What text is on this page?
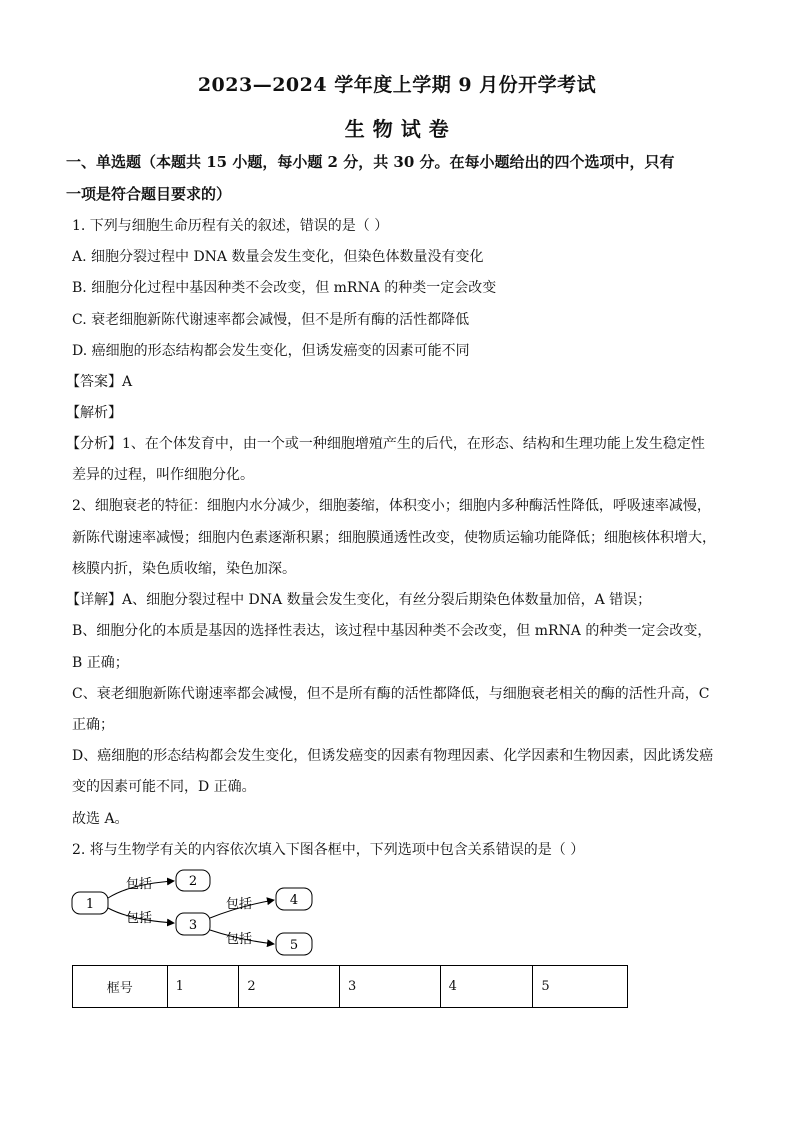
2023—2024 学年度上学期 9 月份开学考试
生 物 试 卷
一、单选题（本题共 15 小题，每小题 2 分，共 30 分。在每小题给出的四个选项中，只有
一项是符合题目要求的）
1. 下列与细胞生命历程有关的叙述，错误的是（ ）
A. 细胞分裂过程中 DNA 数量会发生变化，但染色体数量没有变化
B. 细胞分化过程中基因种类不会改变，但 mRNA 的种类一定会改变
C. 衰老细胞新陈代谢速率都会减慢，但不是所有酶的活性都降低
D. 癌细胞的形态结构都会发生变化，但诱发癌变的因素可能不同
【答案】A
【解析】
【分析】1、在个体发育中，由一个或一种细胞增殖产生的后代，在形态、结构和生理功能上发生稳定性
差异的过程，叫作细胞分化。
2、细胞衰老的特征：细胞内水分减少，细胞萎缩，体积变小；细胞内多种酶活性降低，呼吸速率减慢，
新陈代谢速率减慢；细胞内色素逐渐积累；细胞膜通透性改变，使物质运输功能降低；细胞核体积增大，
核膜内折，染色质收缩，染色加深。
【详解】A、细胞分裂过程中 DNA 数量会发生变化，有丝分裂后期染色体数量加倍，A 错误；
B、细胞分化的本质是基因的选择性表达，该过程中基因种类不会改变，但 mRNA 的种类一定会改变，
B 正确；
C、衰老细胞新陈代谢速率都会减慢，但不是所有酶的活性都降低，与细胞衰老相关的酶的活性升高，C
正确；
D、癌细胞的形态结构都会发生变化，但诱发癌变的因素有物理因素、化学因素和生物因素，因此诱发癌
变的因素可能不同，D 正确。
故选 A。
2. 将与生物学有关的内容依次填入下图各框中，下列选项中包含关系错误的是（ ）
1
2
3
4
5
包括
包括
包括
包括
框号	1	2	3	4	5
